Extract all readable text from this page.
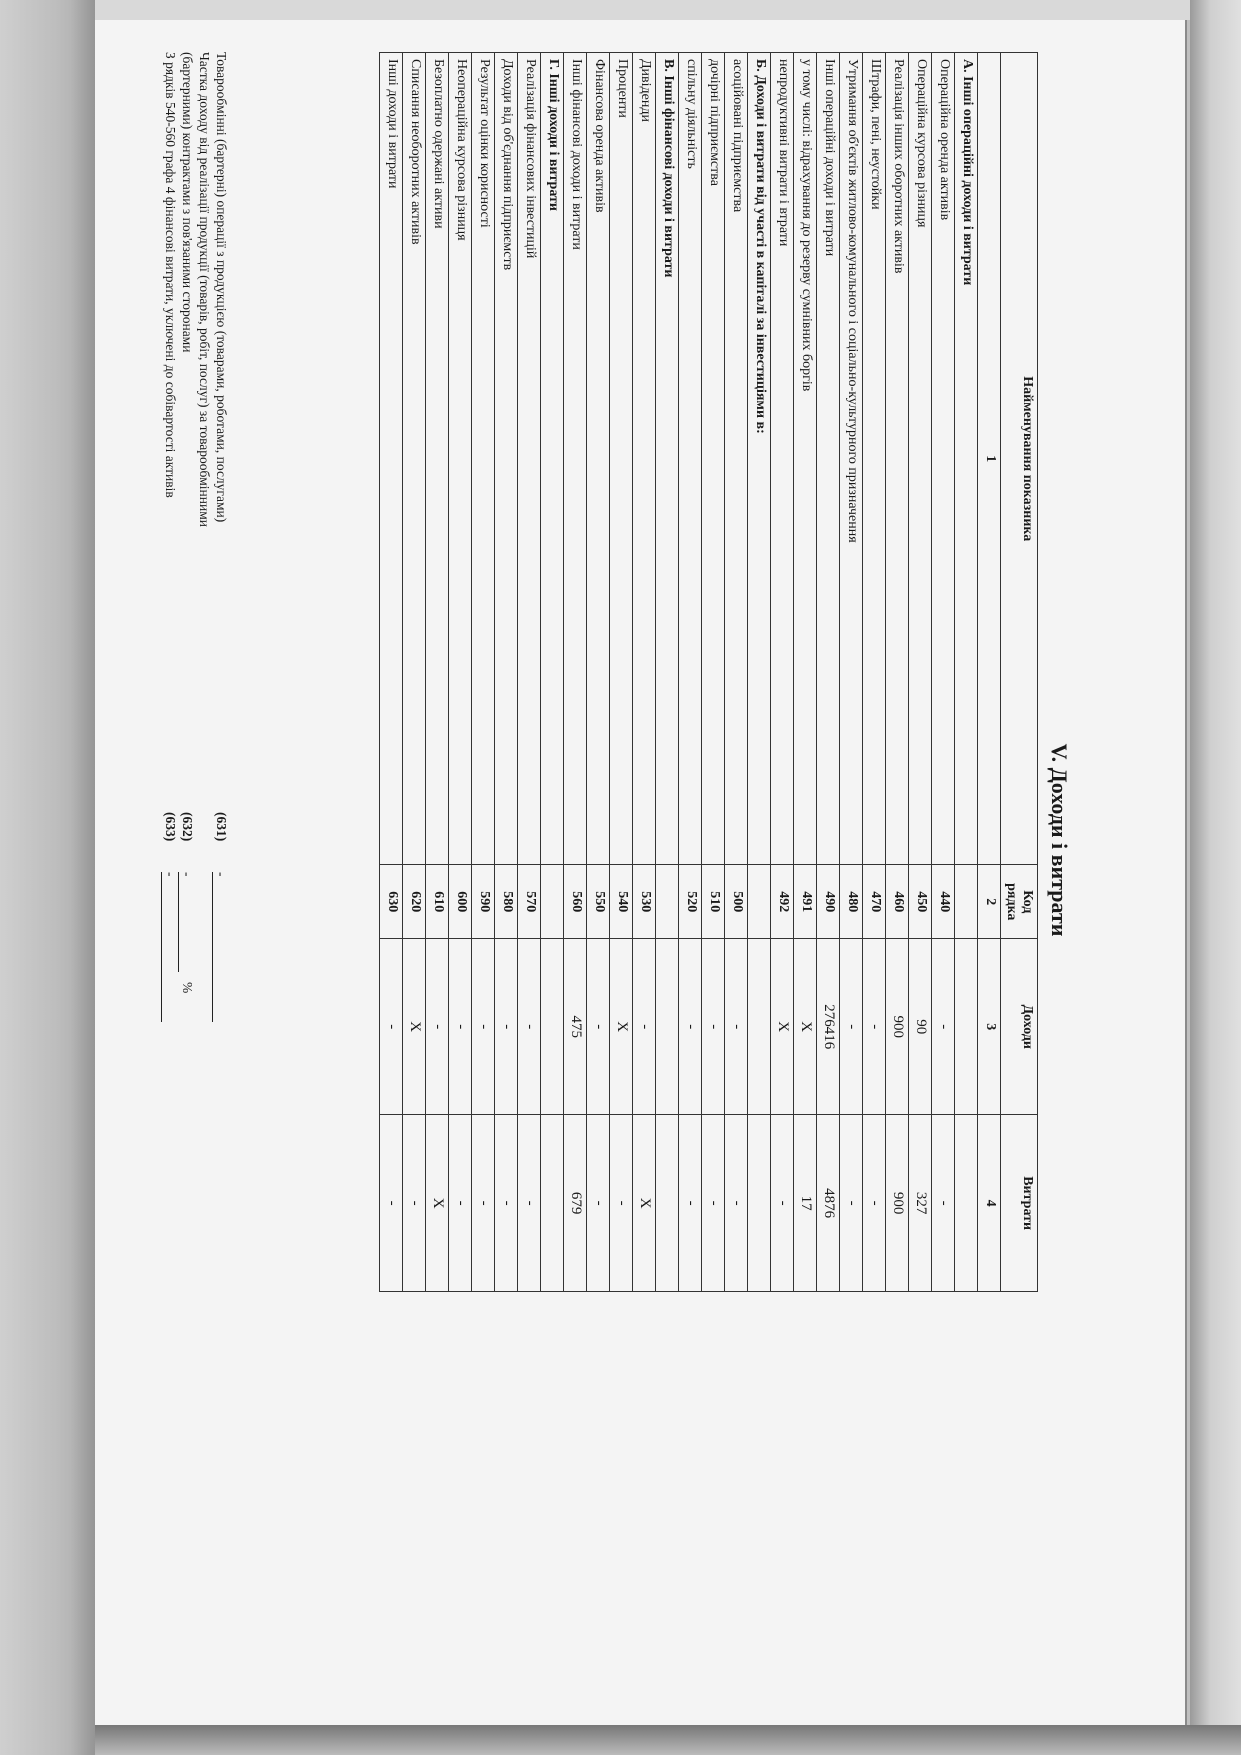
V. Доходи і витрати
Найменування показника	Код рядка	Доходи	Витрати
1	2	3	4
А. Інші операційні доходи і витрати			
Операційна оренда активів	440	-	-
Операційна курсова різниця	450	90	327
Реалізація інших оборотних активів	460	900	900
Штрафи, пені, неустойки	470	-	-
Утримання об'єктів житлово-комунального і соціально-культурного призначення	480	-	-
Інші операційні доходи і витрати	490	276416	4876
у тому числі: відрахування до резерву сумнівних боргів	491	X	17
непродуктивні витрати і втрати	492	X	-
Б. Доходи і витрати від участі в капіталі за інвестиціями в:			
асоційовані підприємства	500	-	-
дочірні підприємства	510	-	-
спільну діяльність	520	-	-
В. Інші фінансові доходи і витрати			
Дивіденди	530	-	X
Проценти	540	X	-
Фінансова оренда активів	550	-	-
Інші фінансові доходи і витрати	560	475	679
Г. Інші доходи і витрати			
Реалізація фінансових інвестицій	570	-	-
Доходи від об'єднання підприємств	580	-	-
Результат оцінки корисності	590	-	-
Неопераційна курсова різниця	600	-	-
Безоплатно одержані активи	610	-	X
Списання необоротних активів	620	X	-
Інші доходи і витрати	630	-	-
Товарообмінні (бартерні) операції з продукцією (товарами, роботами, послугами)
(631)
-
Частка доходу від реалізації продукції (товарів, робіт, послуг) за товарообмінними
(бартерними) контрактами з пов'язаними сторонами
(632)
-
%
З рядків 540-560 графа 4 фінансові витрати, уключені до собівартості активів
(633)
-
